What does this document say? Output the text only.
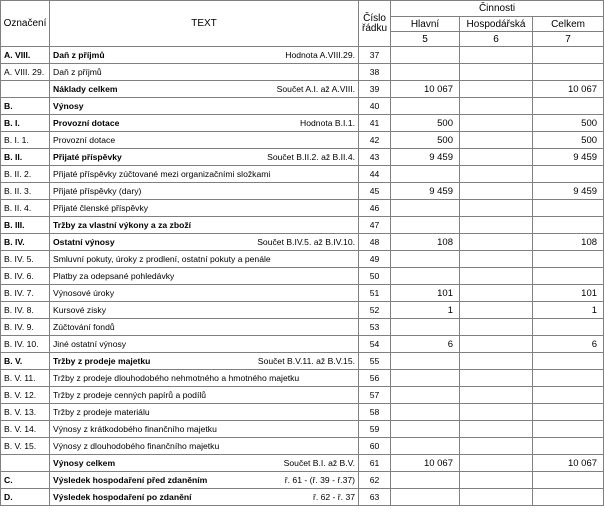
Označení	TEXT	Číslo
řádku	Činnosti		
			Hlavní	Hospodářská	Celkem
			5	6	7
A. VIII.	Daň z příjmů Hodnota A.VIII.29.	37			
A. VIII. 29.	Daň z příjmů	38			

	Náklady celkem Součet A.I. až A.VIII.	39	10 067		10 067
B.	Výnosy	40			
B. I.	Provozní dotace Hodnota B.I.1.	41	500		500
B. I. 1.	Provozní dotace	42	500		500
B. II.	Přijaté příspěvky Součet B.II.2. až B.II.4.	43	9 459		9 459
B. II. 2.	Přijaté příspěvky zúčtované mezi organizačními složkami	44			
B. II. 3.	Přijaté příspěvky (dary)	45	9 459		9 459
B. II. 4.	Přijaté členské příspěvky	46			
B. III.	Tržby za vlastní výkony a za zboží	47			
B. IV.	Ostatní výnosy Součet B.IV.5. až B.IV.10.	48	108		108
B. IV. 5.	Smluvní pokuty, úroky z prodlení, ostatní pokuty a penále	49			
B. IV. 6.	Platby za odepsané pohledávky	50			
B. IV. 7.	Výnosové úroky	51	101		101
B. IV. 8.	Kursové zisky	52	1		1
B. IV. 9.	Zúčtování fondů	53			
B. IV. 10.	Jiné ostatní výnosy	54	6		6
B. V.	Tržby z prodeje majetku Součet B.V.11. až B.V.15.	55			
B. V. 11.	Tržby z prodeje dlouhodobého nehmotného a hmotného majetku	56			
B. V. 12.	Tržby z prodeje cenných papírů a podílů	57			
B. V. 13.	Tržby z prodeje materiálu	58			
B. V. 14.	Výnosy z krátkodobého finančního majetku	59			
B. V. 15.	Výnosy z dlouhodobého finančního majetku	60			

	Výnosy celkem Součet B.I. až B.V.	61	10 067		10 067
C.	Výsledek hospodaření před zdaněním ř. 61 - (ř. 39 - ř.37)	62			
D.	Výsledek hospodaření po zdanění ř. 62 - ř. 37	63			
